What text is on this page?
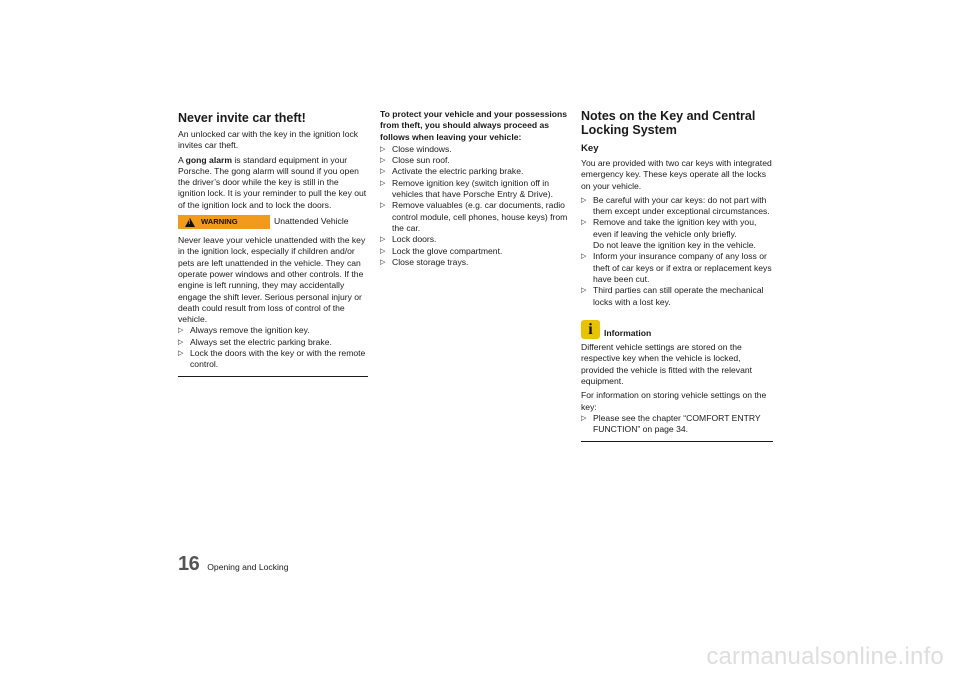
Never invite car theft!

An unlocked car with the key in the ignition lock invites car theft.

A gong alarm is standard equipment in your Porsche. The gong alarm will sound if you open the driver’s door while the key is still in the ignition lock. It is your reminder to pull the key out of the ignition lock and to lock the doors.

!
WARNING	Unattended Vehicle

Never leave your vehicle unattended with the key in the ignition lock, especially if children and/or pets are left unattended in the vehicle. They can operate power windows and other controls. If the engine is left running, they may accidentally engage the shift lever. Serious personal injury or death could result from loss of control of the vehicle.

▷ Always remove the ignition key.
▷ Always set the electric parking brake.
▷ Lock the doors with the key or with the remote control.

To protect your vehicle and your possessions from theft, you should always proceed as follows when leaving your vehicle:

▷ Close windows.
▷ Close sun roof.
▷ Activate the electric parking brake.
▷ Remove ignition key (switch ignition off in vehicles that have Porsche Entry & Drive).
▷ Remove valuables (e.g. car documents, radio control module, cell phones, house keys) from the car.
▷ Lock doors.
▷ Lock the glove compartment.
▷ Close storage trays.
Notes on the Key and Central Locking System
Key

You are provided with two car keys with integrated emergency key. These keys operate all the locks on your vehicle.

▷ Be careful with your car keys: do not part with them except under exceptional circumstances.
▷ Remove and take the ignition key with you, even if leaving the vehicle only briefly.
Do not leave the ignition key in the vehicle.
▷ Inform your insurance company of any loss or theft of car keys or if extra or replacement keys have been cut.
▷ Third parties can still operate the mechanical locks with a lost key.
i	Information

Different vehicle settings are stored on the respective key when the vehicle is locked, provided the vehicle is fitted with the relevant equipment.

For information on storing vehicle settings on the key:

▷ Please see the chapter “COMFORT ENTRY FUNCTION” on page 34.
16 Opening and Locking
carmanualsonline.info
